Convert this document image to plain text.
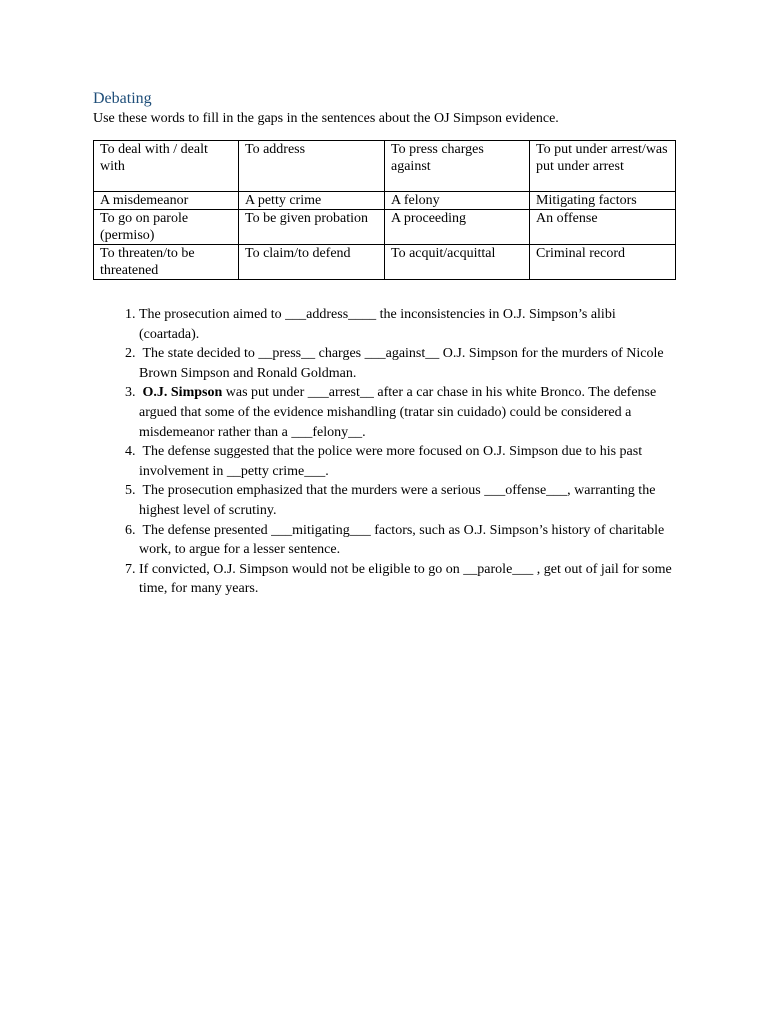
Debating

Use these words to fill in the gaps in the sentences about the OJ Simpson evidence.

To deal with / dealt with	To address	To press charges against	To put under arrest/was put under arrest
A misdemeanor	A petty crime	A felony	Mitigating factors
To go on parole (permiso)	To be given probation	A proceeding	An offense
To threaten/to be threatened	To claim/to defend	To acquit/acquittal	Criminal record
1. The prosecution aimed to ___address____ the inconsistencies in O.J. Simpson’s alibi (coartada).
2.  The state decided to __press__ charges ___against__ O.J. Simpson for the murders of Nicole Brown Simpson and Ronald Goldman.
3.  O.J. Simpson was put under ___arrest__ after a car chase in his white Bronco. The defense argued that some of the evidence mishandling (tratar sin cuidado) could be considered a misdemeanor rather than a ___felony__.
4.  The defense suggested that the police were more focused on O.J. Simpson due to his past involvement in __petty crime___.
5.  The prosecution emphasized that the murders were a serious ___offense___, warranting the highest level of scrutiny.
6.  The defense presented ___mitigating___ factors, such as O.J. Simpson’s history of charitable work, to argue for a lesser sentence.
7. If convicted, O.J. Simpson would not be eligible to go on __parole___ , get out of jail for some time, for many years.
